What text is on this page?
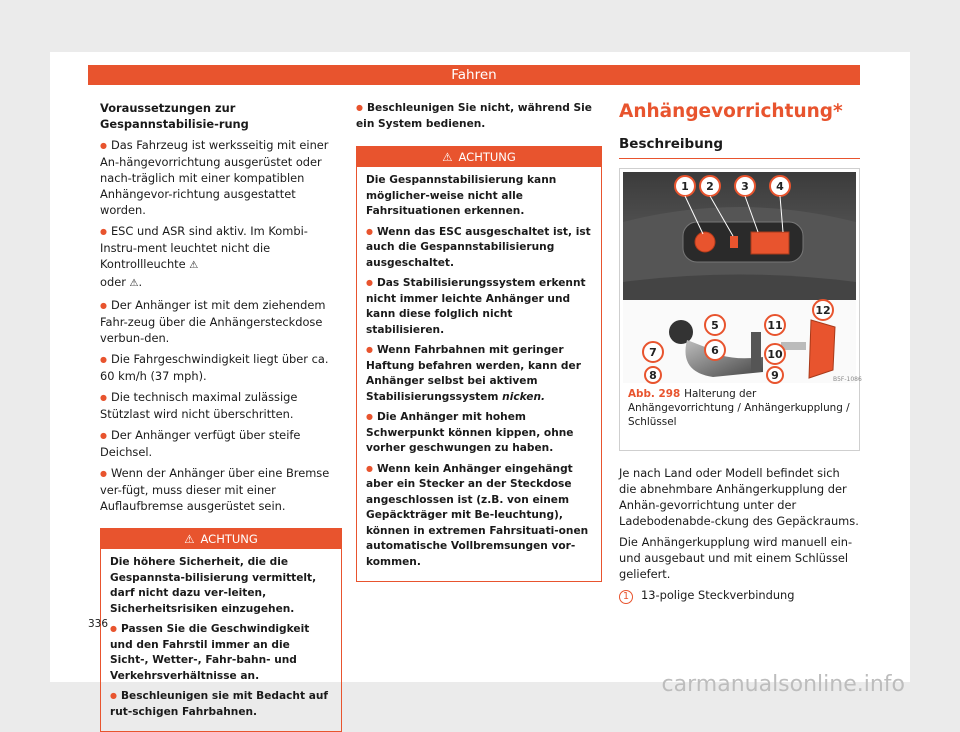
Fahren
Voraussetzungen zur Gespannstabilisie-rung
● Das Fahrzeug ist werksseitig mit einer An-hängevorrichtung ausgerüstet oder nach-träglich mit einer kompatiblen Anhängevor-richtung ausgestattet worden.
● ESC und ASR sind aktiv. Im Kombi-Instru-ment leuchtet nicht die Kontrollleuchte ⚠
oder ⚠.
● Der Anhänger ist mit dem ziehendem Fahr-zeug über die Anhängersteckdose verbun-den.
● Die Fahrgeschwindigkeit liegt über ca. 60 km/h (37 mph).
● Die technisch maximal zulässige Stützlast wird nicht überschritten.
● Der Anhänger verfügt über steife Deichsel.
● Wenn der Anhänger über eine Bremse ver-fügt, muss dieser mit einer Auflaufbremse ausgerüstet sein.
⚠ ACHTUNG
Die höhere Sicherheit, die die Gespannsta-bilisierung vermittelt, darf nicht dazu ver-leiten, Sicherheitsrisiken einzugehen.
● Passen Sie die Geschwindigkeit und den Fahrstil immer an die Sicht-, Wetter-, Fahr-bahn- und Verkehrsverhältnisse an.
● Beschleunigen sie mit Bedacht auf rut-schigen Fahrbahnen.
● Beschleunigen Sie nicht, während Sie ein System bedienen.
⚠ ACHTUNG
Die Gespannstabilisierung kann möglicher-weise nicht alle Fahrsituationen erkennen.
● Wenn das ESC ausgeschaltet ist, ist auch die Gespannstabilisierung ausgeschaltet.
● Das Stabilisierungssystem erkennt nicht immer leichte Anhänger und kann diese folglich nicht stabilisieren.
● Wenn Fahrbahnen mit geringer Haftung befahren werden, kann der Anhänger selbst bei aktivem Stabilisierungssystem nicken.
● Die Anhänger mit hohem Schwerpunkt können kippen, ohne vorher geschwungen zu haben.
● Wenn kein Anhänger eingehängt aber ein Stecker an der Steckdose angeschlossen ist (z.B. von einem Gepäckträger mit Be-leuchtung), können in extremen Fahrsituati-onen automatische Vollbremsungen vor-kommen.
Anhängevorrichtung*
Beschreibung
B5F-1086
1 2 3 4
5
6
7
8	9
10
11
12
Abb. 298 Halterung der Anhängevorrichtung / Anhängerkupplung / Schlüssel
Je nach Land oder Modell befindet sich die abnehmbare Anhängerkupplung der Anhän-gevorrichtung unter der Ladebodenabde-ckung des Gepäckraums.
Die Anhängerkupplung wird manuell ein- und ausgebaut und mit einem Schlüssel geliefert.
1 13-polige Steckverbindung
336
carmanualsonline.info
